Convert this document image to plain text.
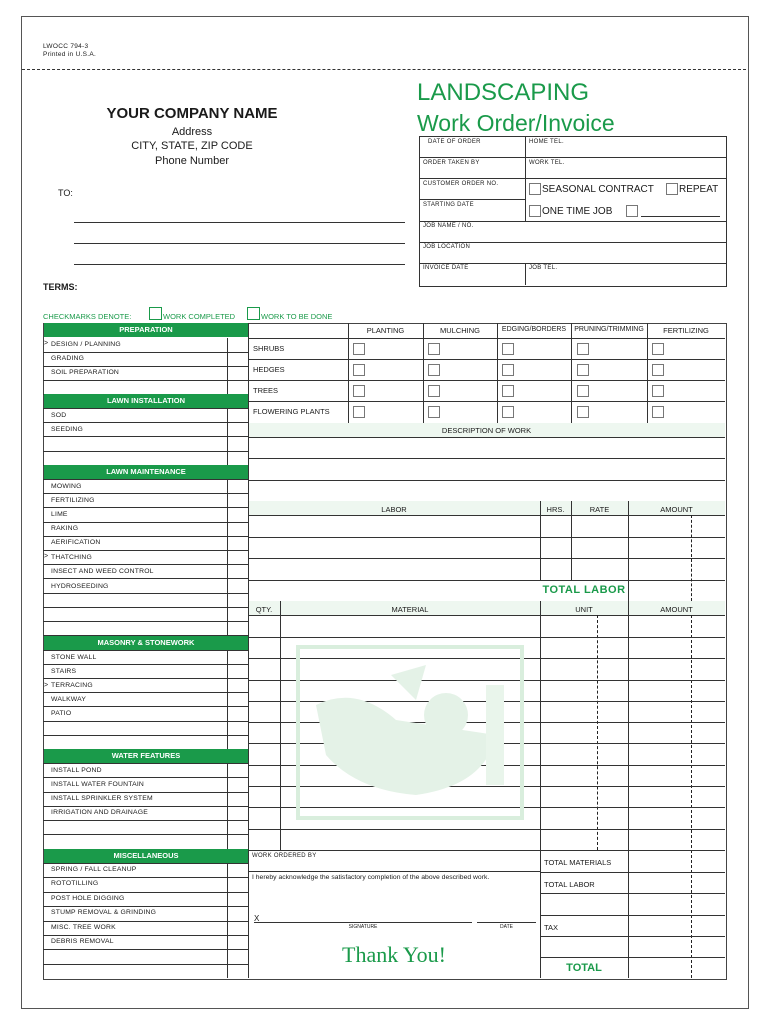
LWOCC 794-3
Printed in U.S.A.
YOUR COMPANY NAME
Address
CITY, STATE, ZIP CODE
Phone Number
TO:
TERMS:
LANDSCAPING
Work Order/Invoice
DATE OF ORDER	HOME TEL.
ORDER TAKEN BY	WORK TEL.
CUSTOMER ORDER NO.
STARTING DATE
SEASONAL CONTRACT	REPEAT
ONE TIME JOB
JOB NAME / NO.
JOB LOCATION
INVOICE DATE	JOB TEL.
CHECKMARKS DENOTE:	WORK COMPLETED	WORK TO BE DONE
PREPARATION
LAWN INSTALLATION
LAWN MAINTENANCE
MASONRY & STONEWORK
WATER FEATURES
MISCELLANEOUS
> DESIGN / PLANNING
GRADING
SOIL PREPARATION
SOD
SEEDING
MOWING
FERTILIZING
LIME
RAKING
AERIFICATION
> THATCHING
INSECT AND WEED CONTROL
HYDROSEEDING
STONE WALL
STAIRS
> TERRACING
WALKWAY
PATIO
INSTALL POND
INSTALL WATER FOUNTAIN
INSTALL SPRINKLER SYSTEM
IRRIGATION AND DRAINAGE
SPRING / FALL CLEANUP
ROTOTILLING
POST HOLE DIGGING
STUMP REMOVAL & GRINDING
MISC. TREE WORK
DEBRIS REMOVAL
PLANTING	MULCHING	EDGING/BORDERS	PRUNING/TRIMMING	FERTILIZING
SHRUBS
HEDGES
TREES
FLOWERING PLANTS
DESCRIPTION OF WORK
LABOR	HRS.	RATE	AMOUNT
TOTAL LABOR
QTY.	MATERIAL	UNIT	AMOUNT
WORK ORDERED BY
I hereby acknowledge the satisfactory completion of the above described work.
X
SIGNATURE	DATE
Thank You!
TOTAL MATERIALS
TOTAL LABOR
TAX
TOTAL
